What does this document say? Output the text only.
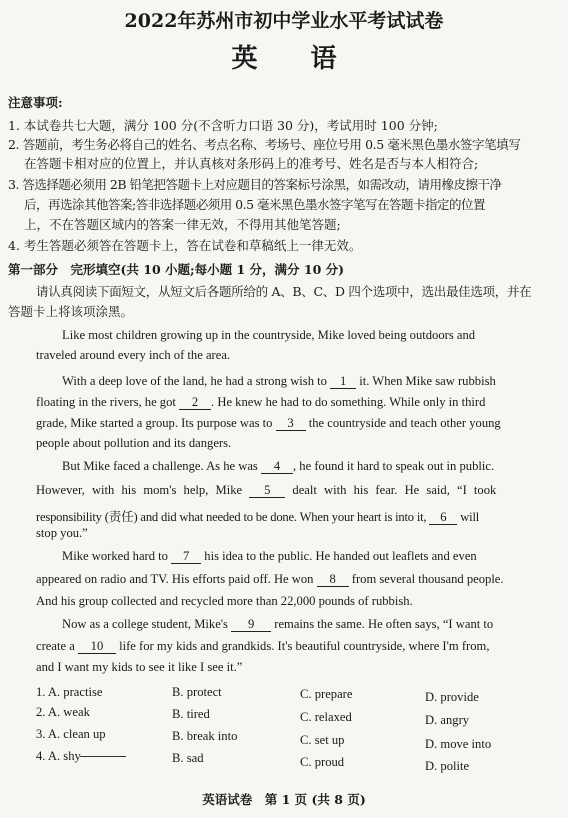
2022年苏州市初中学业水平考试试卷
英 语
注意事项:
1. 本试卷共七大题，满分 100 分(不含听力口语 30 分)，考试用时 100 分钟;
2. 答题前，考生务必将自己的姓名、考点名称、考场号、座位号用 0.5 毫米黑色墨水签字笔填写
在答题卡相对应的位置上，并认真核对条形码上的准考号、姓名是否与本人相符合;
3. 答选择题必须用 2B 铅笔把答题卡上对应题目的答案标号涂黑，如需改动，请用橡皮擦干净
后，再选涂其他答案;答非选择题必须用 0.5 毫米黑色墨水签字笔写在答题卡指定的位置
上，不在答题区域内的答案一律无效，不得用其他笔答题;
4. 考生答题必须答在答题卡上，答在试卷和草稿纸上一律无效。
第一部分　完形填空(共 10 小题;每小题 1 分，满分 10 分)
请认真阅读下面短文，从短文后各题所给的 A、B、C、D 四个选项中，选出最佳选项，并在
答题卡上将该项涂黑。
Like most children growing up in the countryside, Mike loved being outdoors and
traveled around every inch of the area.
With a deep love of the land, he had a strong wish to 1 it. When Mike saw rubbish
floating in the rivers, he got 2 . He knew he had to do something. While only in third
grade, Mike started a group. Its purpose was to 3 the countryside and teach other young
people about pollution and its dangers.
But Mike faced a challenge. As he was 4 , he found it hard to speak out in public.
However, with his mom's help, Mike 5 dealt with his fear. He said, “I took
responsibility (责任) and did what needed to be done. When your heart is into it, 6 will
stop you.”
Mike worked hard to 7 his idea to the public. He handed out leaflets and even
appeared on radio and TV. His efforts paid off. He won 8 from several thousand people.
And his group collected and recycled more than 22,000 pounds of rubbish.
Now as a college student, Mike's 9 remains the same. He often says, “I want to
create a 10 life for my kids and grandkids. It's beautiful countryside, where I'm from,
and I want my kids to see it like I see it.”
1. A. practise	B. protect	C. prepare	D. provide
2. A. weak	B. tired	C. relaxed	D. angry
3. A. clean up	B. break into	C. set up	D. move into
4. A. shy	B. sad	C. proud	D. polite
英语试卷　第 1 页 (共 8 页)
